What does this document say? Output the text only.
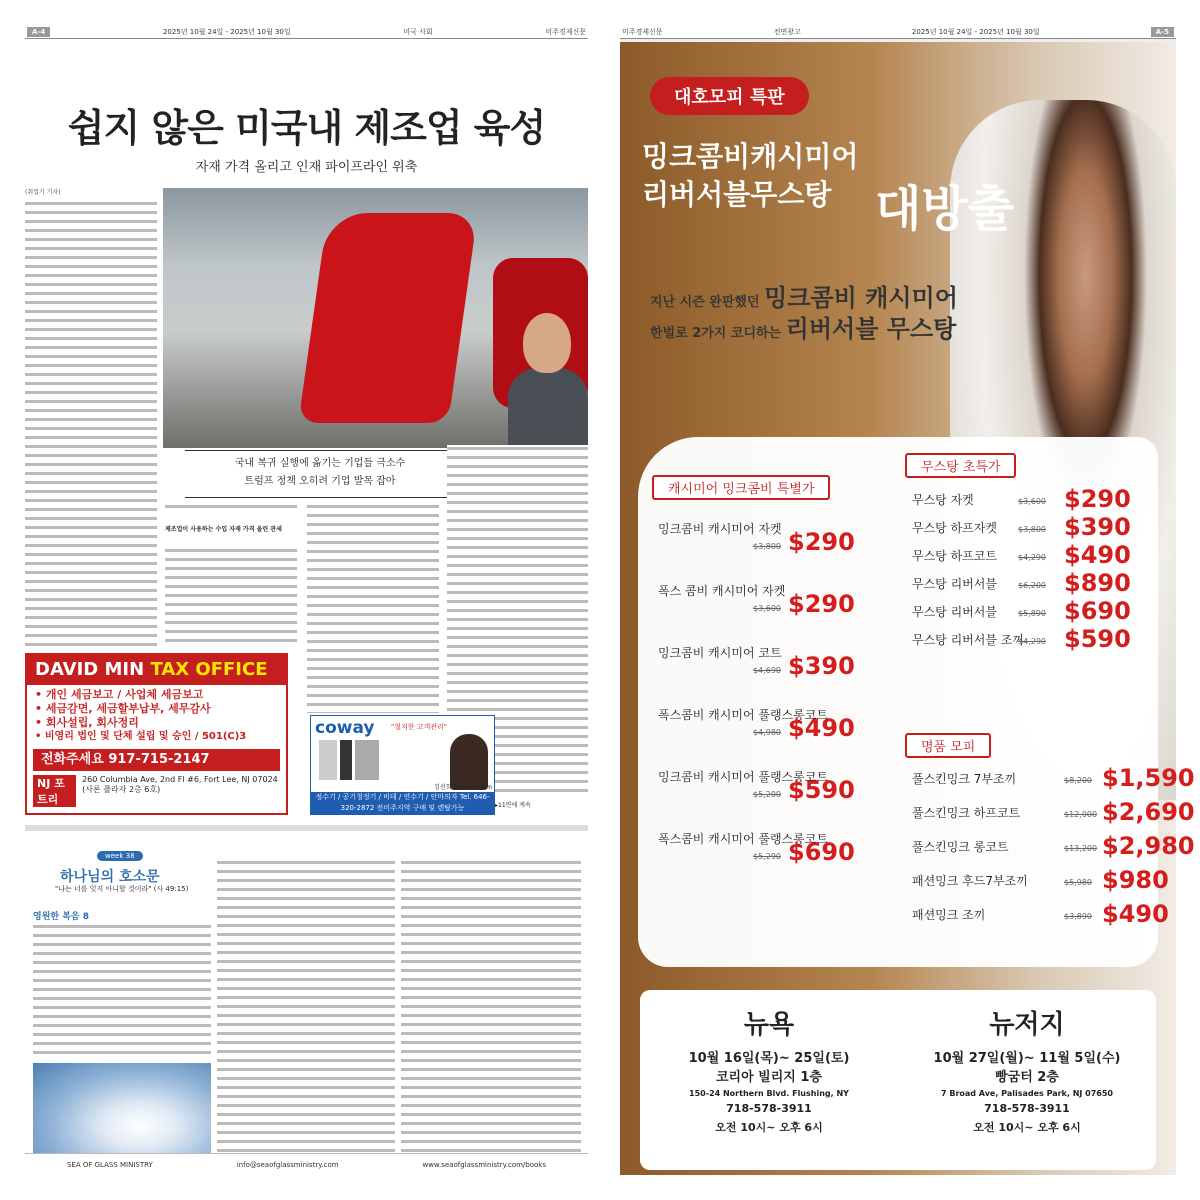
A-4	2025년 10월 24일 - 2025년 10월 30일	미국 사회	미주경제신문
쉽지 않은 미국내 제조업 육성
자재 가격 올리고 인재 파이프라인 위축
(취업기 기자)
국내 복귀 실행에 옮기는 기업들 극소수
트럼프 정책 오히려 기업 발목 잡아
제조업이 사용하는 수입 자재 가격 올린 관세
▸11면에 계속
DAVID MIN TAX OFFICE
• 개인 세금보고 / 사업체 세금보고
• 세금감면, 세금할부납부, 세무감사
• 회사설립, 회사정리
• 비영리 법인 및 단체 설립 및 승인 / 501(C)3
전화주세요 917-715-2147
NJ 포트리
260 Columbia Ave, 2nd Fl #6, Fort Lee, NJ 07024 (사론 플라자 2층 6호)
coway	"철저한 고객관리"
김선희 Sun Hee Kim
정수기 / 공기청정기 / 비데 / 연수기 / 안마의자 Tel. 646-320-2872 전미주지역 구매 및 렌탈가능
week 38
하나님의 호소문
"나는 너를 잊지 아니할 것이라" (사 49:15)
영원한 복음 8
SEA OF GLASS MINISTRY	info@seaofglassministry.com	www.seaofglassministry.com/books
미주경제신문	전면광고	2025년 10월 24일 - 2025년 10월 30일	A-5
대호모피 특판
밍크콤비캐시미어
리버서블무스탕 대방출
지난 시즌 완판했던 밍크콤비 캐시미어
한벌로 2가지 코디하는 리버서블 무스탕
캐시미어 밍크콤비 특별가
무스탕 초특가
명품 모피
뉴욕
10월 16일(목)~ 25일(토)
코리아 빌리지 1층
150-24 Northern Blvd. Flushing, NY
718-578-3911
오전 10시~ 오후 6시
뉴저지
10월 27일(월)~ 11월 5일(수)
빵굼터 2층
7 Broad Ave, Palisades Park, NJ 07650
718-578-3911
오전 10시~ 오후 6시
밍크콤비 캐시미어 자켓
$3,800 $290
폭스 콤비 캐시미어 자켓
$3,600 $290
밍크콤비 캐시미어 코트
$4,690 $390
폭스콤비 캐시미어 풀랭스롱코트
$4,980 $490
밍크콤비 캐시미어 풀랭스롱코트
$5,200 $590
폭스콤비 캐시미어 풀랭스롱코트
$5,290 $690
무스탕 자켓	$3,600 $290
무스탕 하프자켓	$3,800 $390
무스탕 하프코트	$4,290 $490
무스탕 리버서블	$6,200 $890
무스탕 리버서블	$5,890 $690
무스탕 리버서블 조끼
$4,290 $590
풀스킨밍크 7부조끼	$8,200 $1,590
풀스킨밍크 하프코트	$12,000 $2,690
풀스킨밍크 롱코트	$13,200 $2,980
패션밍크 후드7부조끼	$5,980 $980
패션밍크 조끼	$3,890 $490
